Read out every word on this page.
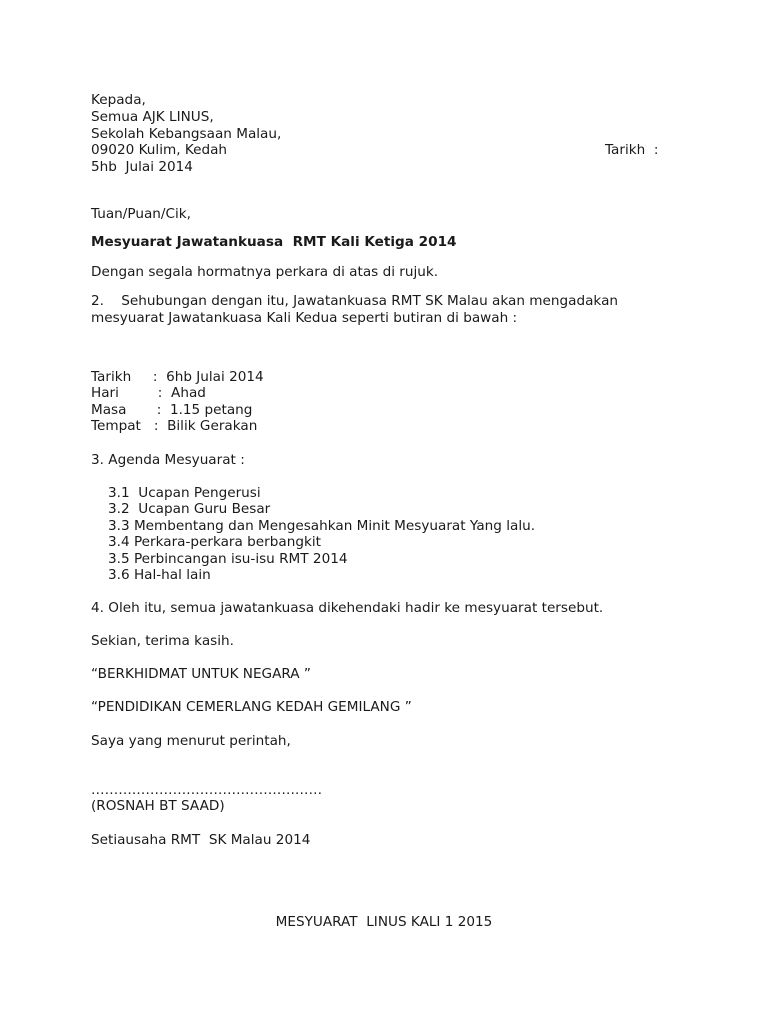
Kepada,
Semua AJK LINUS,
Sekolah Kebangsaan Malau,
09020 Kulim, Kedah	Tarikh  :
5hb  Julai 2014
Tuan/Puan/Cik,
Mesyuarat Jawatankuasa  RMT Kali Ketiga 2014
Dengan segala hormatnya perkara di atas di rujuk.
2.    Sehubungan dengan itu, Jawatankuasa RMT SK Malau akan mengadakan
mesyuarat Jawatankuasa Kali Kedua seperti butiran di bawah :
Tarikh     :  6hb Julai 2014
Hari         :  Ahad
Masa       :  1.15 petang
Tempat   :  Bilik Gerakan
3. Agenda Mesyuarat :
3.1  Ucapan Pengerusi
3.2  Ucapan Guru Besar
3.3 Membentang dan Mengesahkan Minit Mesyuarat Yang lalu.
3.4 Perkara-perkara berbangkit
3.5 Perbincangan isu-isu RMT 2014
3.6 Hal-hal lain
4. Oleh itu, semua jawatankuasa dikehendaki hadir ke mesyuarat tersebut.
Sekian, terima kasih.
“BERKHIDMAT UNTUK NEGARA ”
“PENDIDIKAN CEMERLANG KEDAH GEMILANG ”
Saya yang menurut perintah,
……………………………………………
(ROSNAH BT SAAD)
Setiausaha RMT  SK Malau 2014
MESYUARAT  LINUS KALI 1 2015
